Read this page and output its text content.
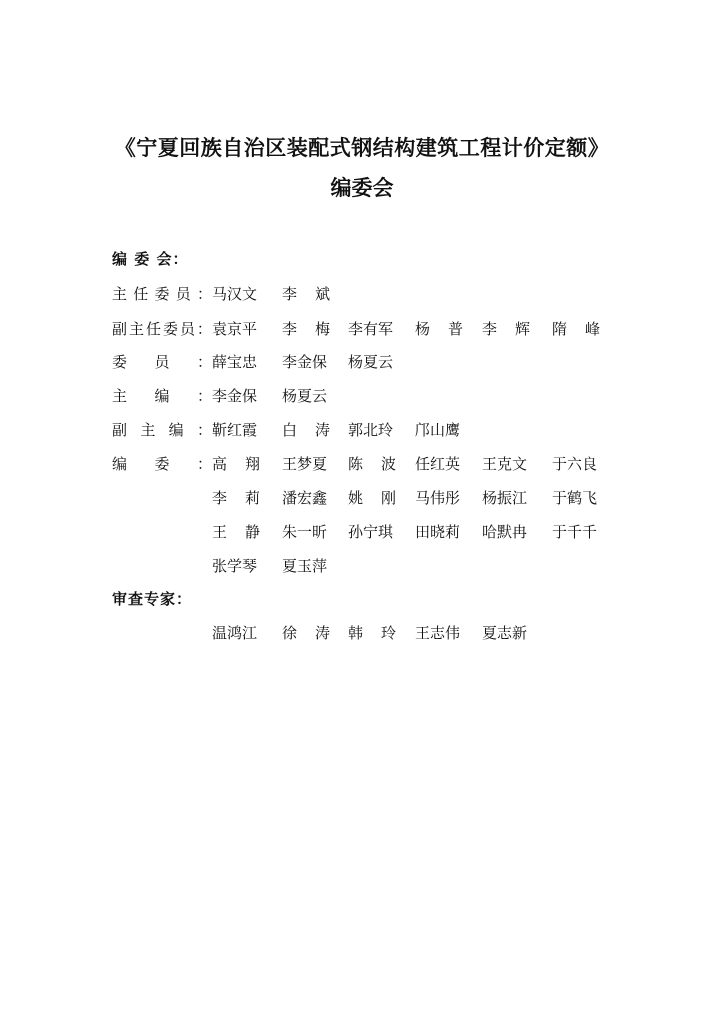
《宁夏回族自治区装配式钢结构建筑工程计价定额》
编委会
编 委 会：
主 任 委 员 ： 马汉文 李 斌
副 主 任 委 员 ： 袁京平 李 梅 李有军 杨 普 李 辉 隋 峰
委 员 ： 薛宝忠 李金保 杨夏云
主 编 ： 李金保 杨夏云
副 主 编 ： 靳红霞 白 涛 郭北玲 邝山鹰
编 委 ： 高 翔 王梦夏 陈 波 任红英 王克文 于六良
李 莉 潘宏鑫 姚 刚 马伟彤 杨振江 于鹤飞
王 静 朱一昕 孙宁琪 田晓莉 哈默冉 于千千
张学琴 夏玉萍
审查专家：
温鸿江 徐 涛 韩 玲 王志伟 夏志新
